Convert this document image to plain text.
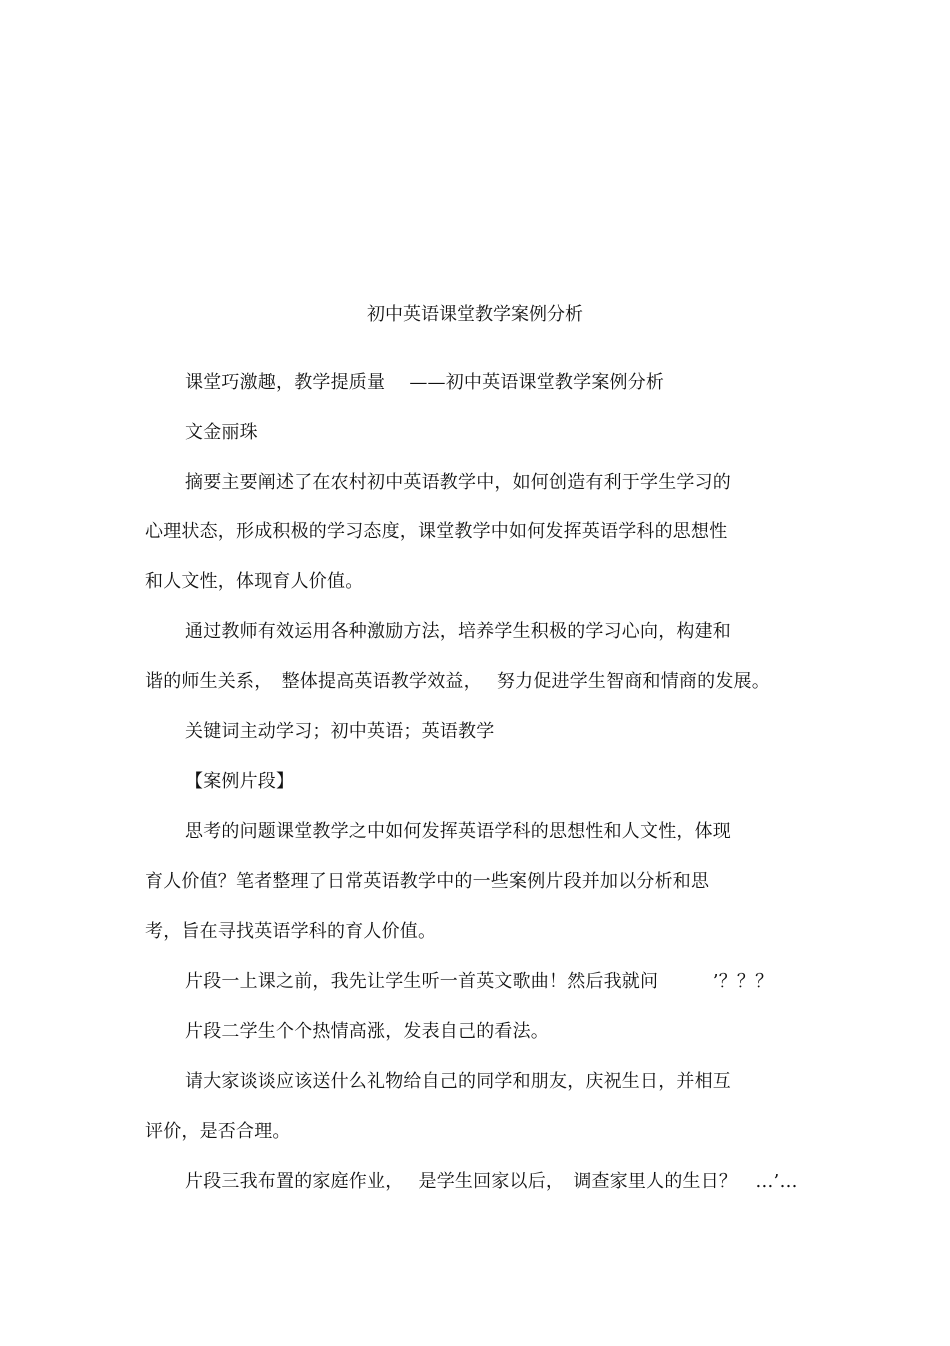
初中英语课堂教学案例分析
课堂巧激趣，教学提质量　 ——初中英语课堂教学案例分析
文金丽珠
摘要主要阐述了在农村初中英语教学中，如何创造有利于学生学习的
心理状态，形成积极的学习态度，课堂教学中如何发挥英语学科的思想性
和人文性，体现育人价值。
通过教师有效运用各种激励方法，培养学生积极的学习心向，构建和
谐的师生关系，　整体提高英语教学效益，　 努力促进学生智商和情商的发展。
关键词主动学习；初中英语；英语教学
【案例片段】
思考的问题课堂教学之中如何发挥英语学科的思想性和人文性，体现
育人价值？笔者整理了日常英语教学中的一些案例片段并加以分析和思
考，旨在寻找英语学科的育人价值。
片段一上课之前，我先让学生听一首英文歌曲！然后我就问　　　’？？？
片段二学生个个热情高涨，发表自己的看法。
请大家谈谈应该送什么礼物给自己的同学和朋友，庆祝生日，并相互
评价，是否合理。
片段三我布置的家庭作业，　 是学生回家以后，　调查家里人的生日？　…’…
